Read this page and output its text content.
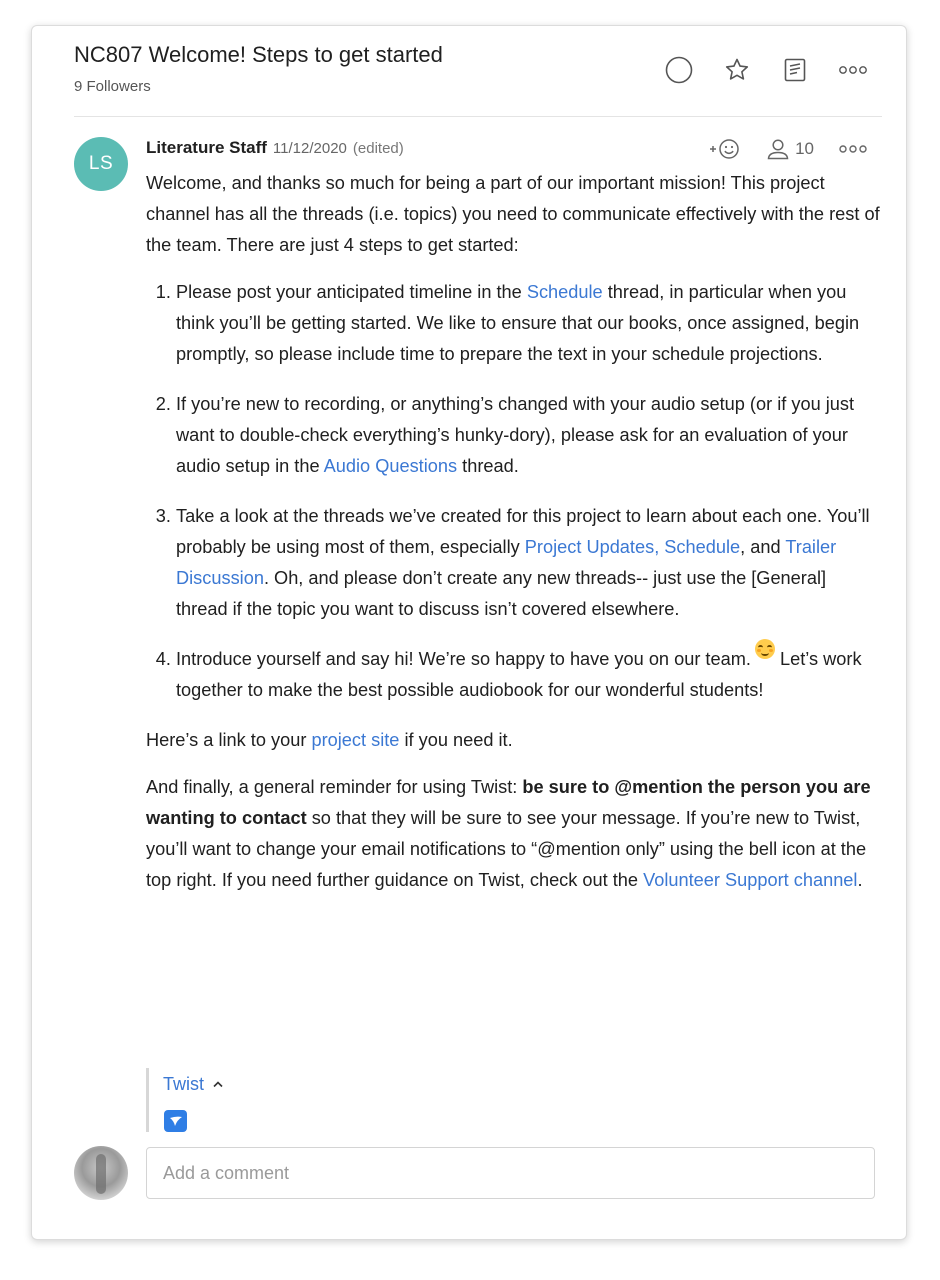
NC807 Welcome! Steps to get started
9 Followers
LS
Literature Staff 11/12/2020 (edited)	10

Welcome, and thanks so much for being a part of our important mission! This project channel has all the threads (i.e. topics) you need to communicate effectively with the rest of the team. There are just 4 steps to get started:

1. Please post your anticipated timeline in the Schedule thread, in particular when you think you’ll be getting started. We like to ensure that our books, once assigned, begin promptly, so please include time to prepare the text in your schedule projections.
2. If you’re new to recording, or anything’s changed with your audio setup (or if you just want to double-check everything’s hunky-dory), please ask for an evaluation of your audio setup in the Audio Questions thread.
3. Take a look at the threads we’ve created for this project to learn about each one. You’ll probably be using most of them, especially Project Updates, Schedule, and Trailer Discussion. Oh, and please don’t create any new threads-- just use the [General] thread if the topic you want to discuss isn’t covered elsewhere.
4. Introduce yourself and say hi! We’re so happy to have you on our team.
Let’s work together to make the best possible audiobook for our wonderful students!

Here’s a link to your project site if you need it.

And finally, a general reminder for using Twist: be sure to @mention the person you are wanting to contact so that they will be sure to see your message. If you’re new to Twist, you’ll want to change your email notifications to “@mention only” using the bell icon at the top right. If you need further guidance on Twist, check out the Volunteer Support channel.

Twist
Add a comment
